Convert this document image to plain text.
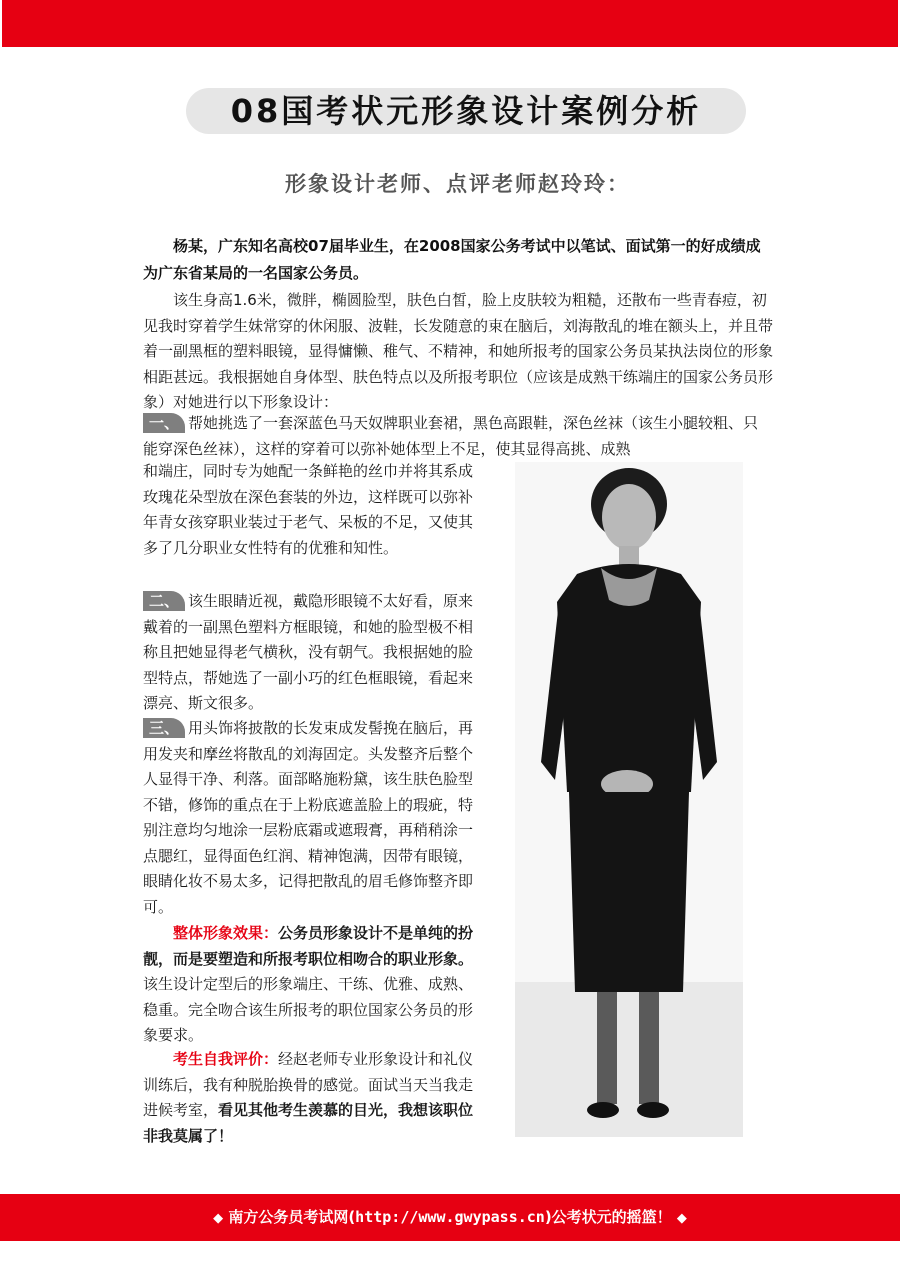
08国考状元形象设计案例分析
形象设计老师、点评老师赵玲玲：

杨某，广东知名高校07届毕业生，在2008国家公务考试中以笔试、面试第一的好成绩成为广东省某局的一名国家公务员。

该生身高1.6米，微胖，椭圆脸型，肤色白皙，脸上皮肤较为粗糙，还散布一些青春痘，初见我时穿着学生妹常穿的休闲服、波鞋，长发随意的束在脑后，刘海散乱的堆在额头上，并且带着一副黑框的塑料眼镜，显得慵懒、稚气、不精神，和她所报考的国家公务员某执法岗位的形象相距甚远。我根据她自身体型、肤色特点以及所报考职位（应该是成熟干练端庄的国家公务员形象）对她进行以下形象设计：

一、 帮她挑选了一套深蓝色马天奴牌职业套裙，黑色高跟鞋，深色丝袜（该生小腿较粗、只能穿深色丝袜），这样的穿着可以弥补她体型上不足，使其显得高挑、成熟

和端庄，同时专为她配一条鲜艳的丝巾并将其系成玫瑰花朵型放在深色套装的外边，这样既可以弥补年青女孩穿职业装过于老气、呆板的不足，又使其多了几分职业女性特有的优雅和知性。

二、 该生眼睛近视，戴隐形眼镜不太好看，原来戴着的一副黑色塑料方框眼镜，和她的脸型极不相称且把她显得老气横秋，没有朝气。我根据她的脸型特点，帮她选了一副小巧的红色框眼镜，看起来漂亮、斯文很多。

三、 用头饰将披散的长发束成发髻挽在脑后，再用发夹和摩丝将散乱的刘海固定。头发整齐后整个人显得干净、利落。面部略施粉黛，该生肤色脸型不错，修饰的重点在于上粉底遮盖脸上的瑕疵，特别注意均匀地涂一层粉底霜或遮瑕膏，再稍稍涂一点腮红，显得面色红润、精神饱满，因带有眼镜，眼睛化妆不易太多，记得把散乱的眉毛修饰整齐即可。

整体形象效果：公务员形象设计不是单纯的扮靓，而是要塑造和所报考职位相吻合的职业形象。该生设计定型后的形象端庄、干练、优雅、成熟、稳重。完全吻合该生所报考的职位国家公务员的形象要求。

考生自我评价：经赵老师专业形象设计和礼仪训练后，我有种脱胎换骨的感觉。面试当天当我走进候考室，看见其他考生羡慕的目光，我想该职位非我莫属了！

◆ 南方公务员考试网(http://www.gwypass.cn)公考状元的摇篮！ ◆
